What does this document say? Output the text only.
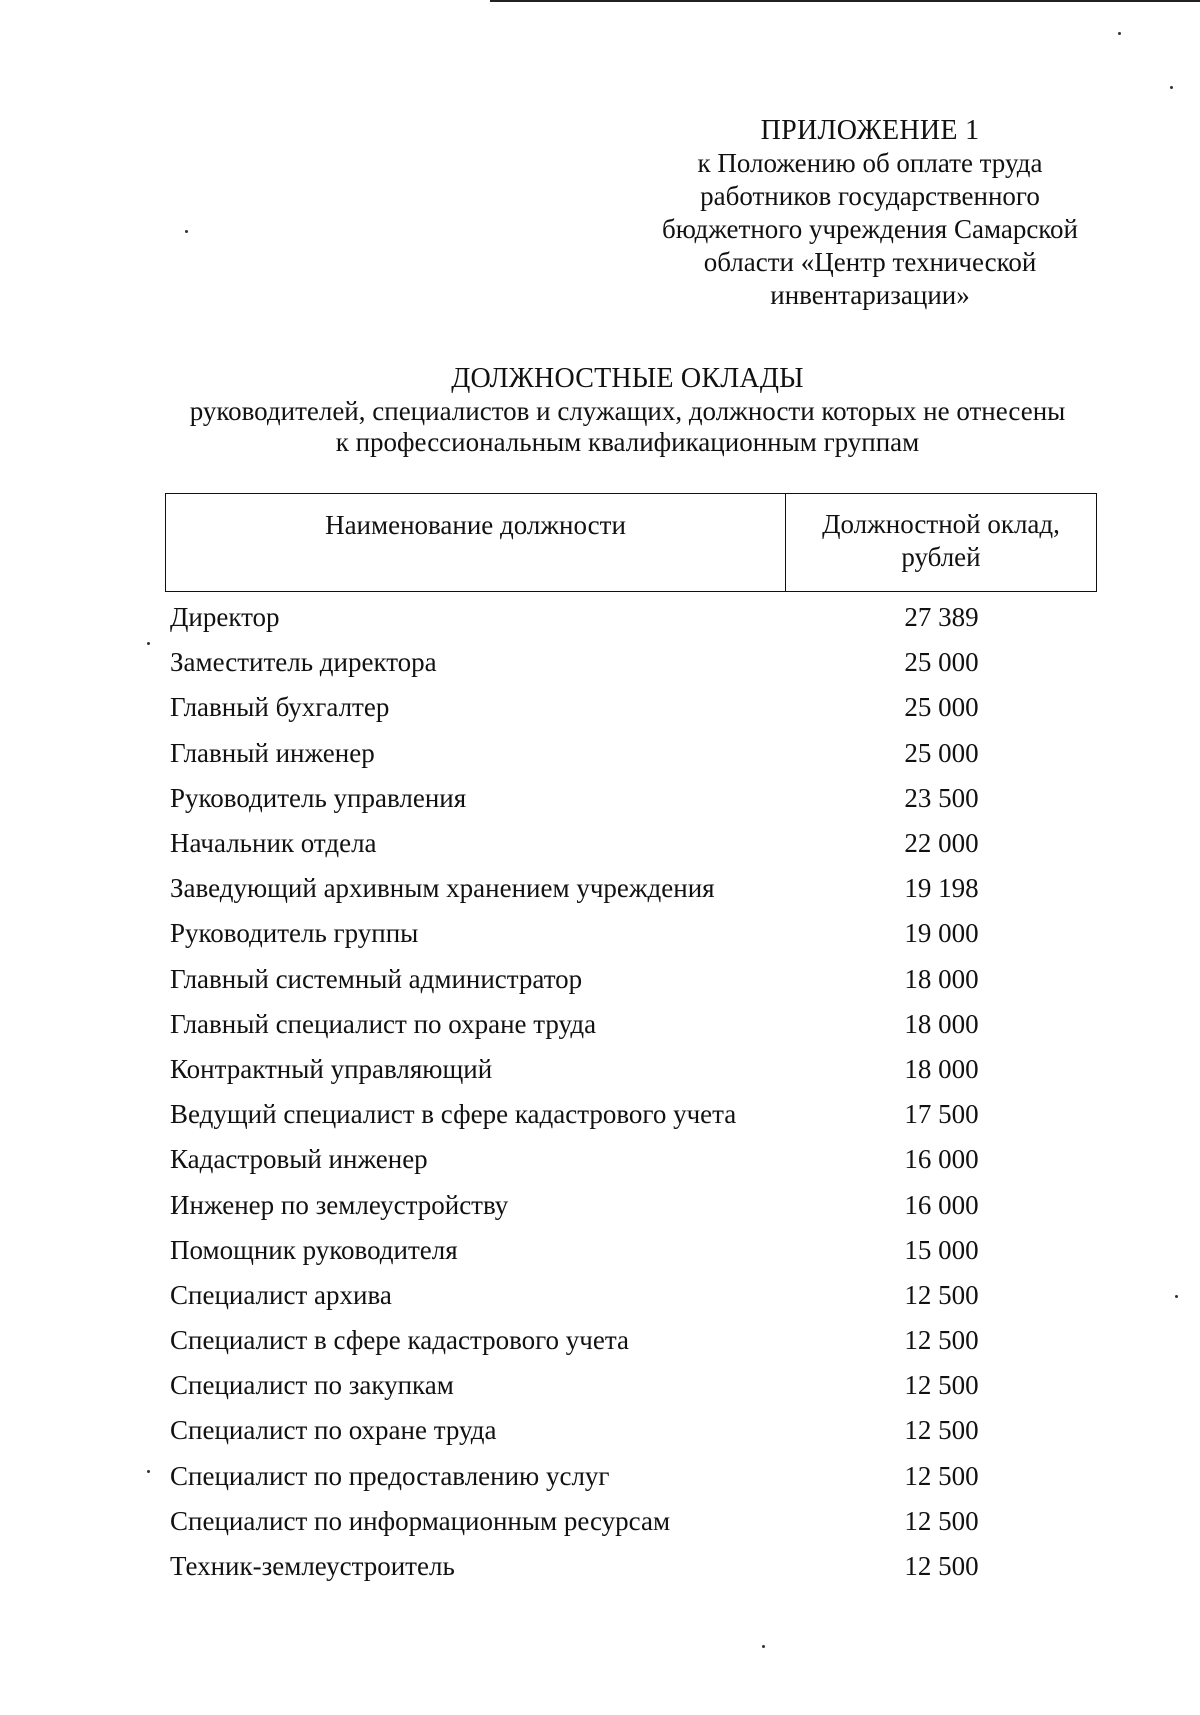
ПРИЛОЖЕНИЕ 1
к Положению об оплате труда
работников государственного
бюджетного учреждения Самарской
области «Центр технической
инвентаризации»
ДОЛЖНОСТНЫЕ ОКЛАДЫ
руководителей, специалистов и служащих, должности которых не отнесены
к профессиональным квалификационным группам
Наименование должности	Должностной оклад,
рублей
Директор	27 389
Заместитель директора	25 000
Главный бухгалтер	25 000
Главный инженер	25 000
Руководитель управления	23 500
Начальник отдела	22 000
Заведующий архивным хранением учреждения	19 198
Руководитель группы	19 000
Главный системный администратор	18 000
Главный специалист по охране труда	18 000
Контрактный управляющий	18 000
Ведущий специалист в сфере кадастрового учета	17 500
Кадастровый инженер	16 000
Инженер по землеустройству	16 000
Помощник руководителя	15 000
Специалист архива	12 500
Специалист в сфере кадастрового учета	12 500
Специалист по закупкам	12 500
Специалист по охране труда	12 500
Специалист по предоставлению услуг	12 500
Специалист по информационным ресурсам	12 500
Техник-землеустроитель	12 500
